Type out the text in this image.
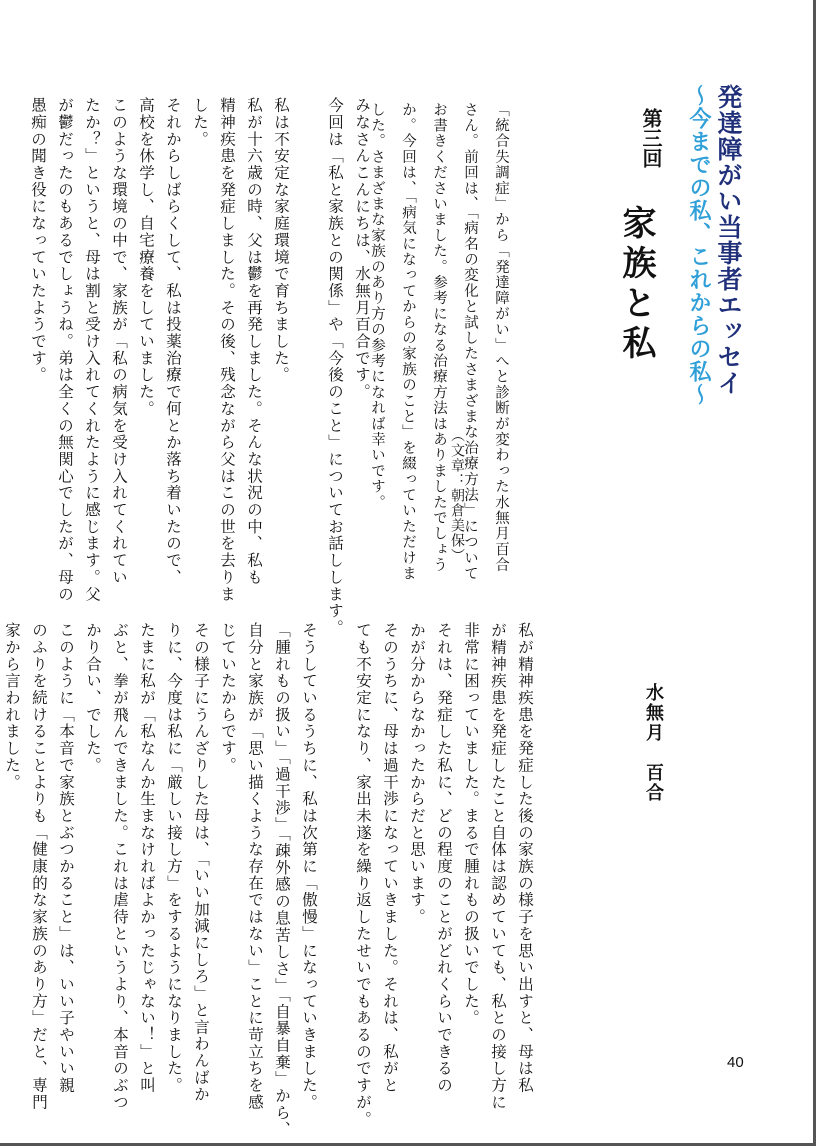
発達障がい当事者エッセイ
～今までの私、これからの私～
第三回
家族と私
「統合失調症」から「発達障がい」へと診断が変わった水無月百合
さん。前回は、「病名の変化と試したさまざまな治療方法」について
お書きくださいました。参考になる治療方法はありましたでしょう
か。今回は、「病気になってからの家族のこと」を綴っていただけま
した。さまざまな家族のあり方の参考になれば幸いです。	（文章：朝倉美保）
みなさんこんにちは、水無月百合です。
今回は「私と家族との関係」や「今後のこと」についてお話しします。
私は不安定な家庭環境で育ちました。
私が十六歳の時、父は鬱を再発しました。そんな状況の中、私も
精神疾患を発症しました。その後、残念ながら父はこの世を去りま
した。
それからしばらくして、私は投薬治療で何とか落ち着いたので、
高校を休学し、自宅療養をしていました。
このような環境の中で、家族が「私の病気を受け入れてくれてい
たか？」というと、母は割と受け入れてくれたように感じます。父
が鬱だったのもあるでしょうね。弟は全くの無関心でしたが、母の
愚痴の聞き役になっていたようです。
水無月　百合
私が精神疾患を発症した後の家族の様子を思い出すと、母は私
が精神疾患を発症したこと自体は認めていても、私との接し方に
非常に困っていました。まるで腫れもの扱いでした。
それは、発症した私に、どの程度のことがどれくらいできるの
かが分からなかったからだと思います。
そのうちに、母は過干渉になっていきました。それは、私がと
ても不安定になり、家出未遂を繰り返したせいでもあるのですが。
そうしているうちに、私は次第に「傲慢」になっていきました。
「腫れもの扱い」「過干渉」「疎外感の息苦しさ」「自暴自棄」から、
自分と家族が「思い描くような存在ではない」ことに苛立ちを感
じていたからです。
その様子にうんざりした母は、「いい加減にしろ」と言わんばか
りに、今度は私に「厳しい接し方」をするようになりました。
たまに私が「私なんか生まなければよかったじゃない！」と叫
ぶと、拳が飛んできました。これは虐待というより、本音のぶつ
かり合い、でした。
このように「本音で家族とぶつかること」は、いい子やいい親
のふりを続けることよりも「健康的な家族のあり方」だと、専門
家から言われました。
40
